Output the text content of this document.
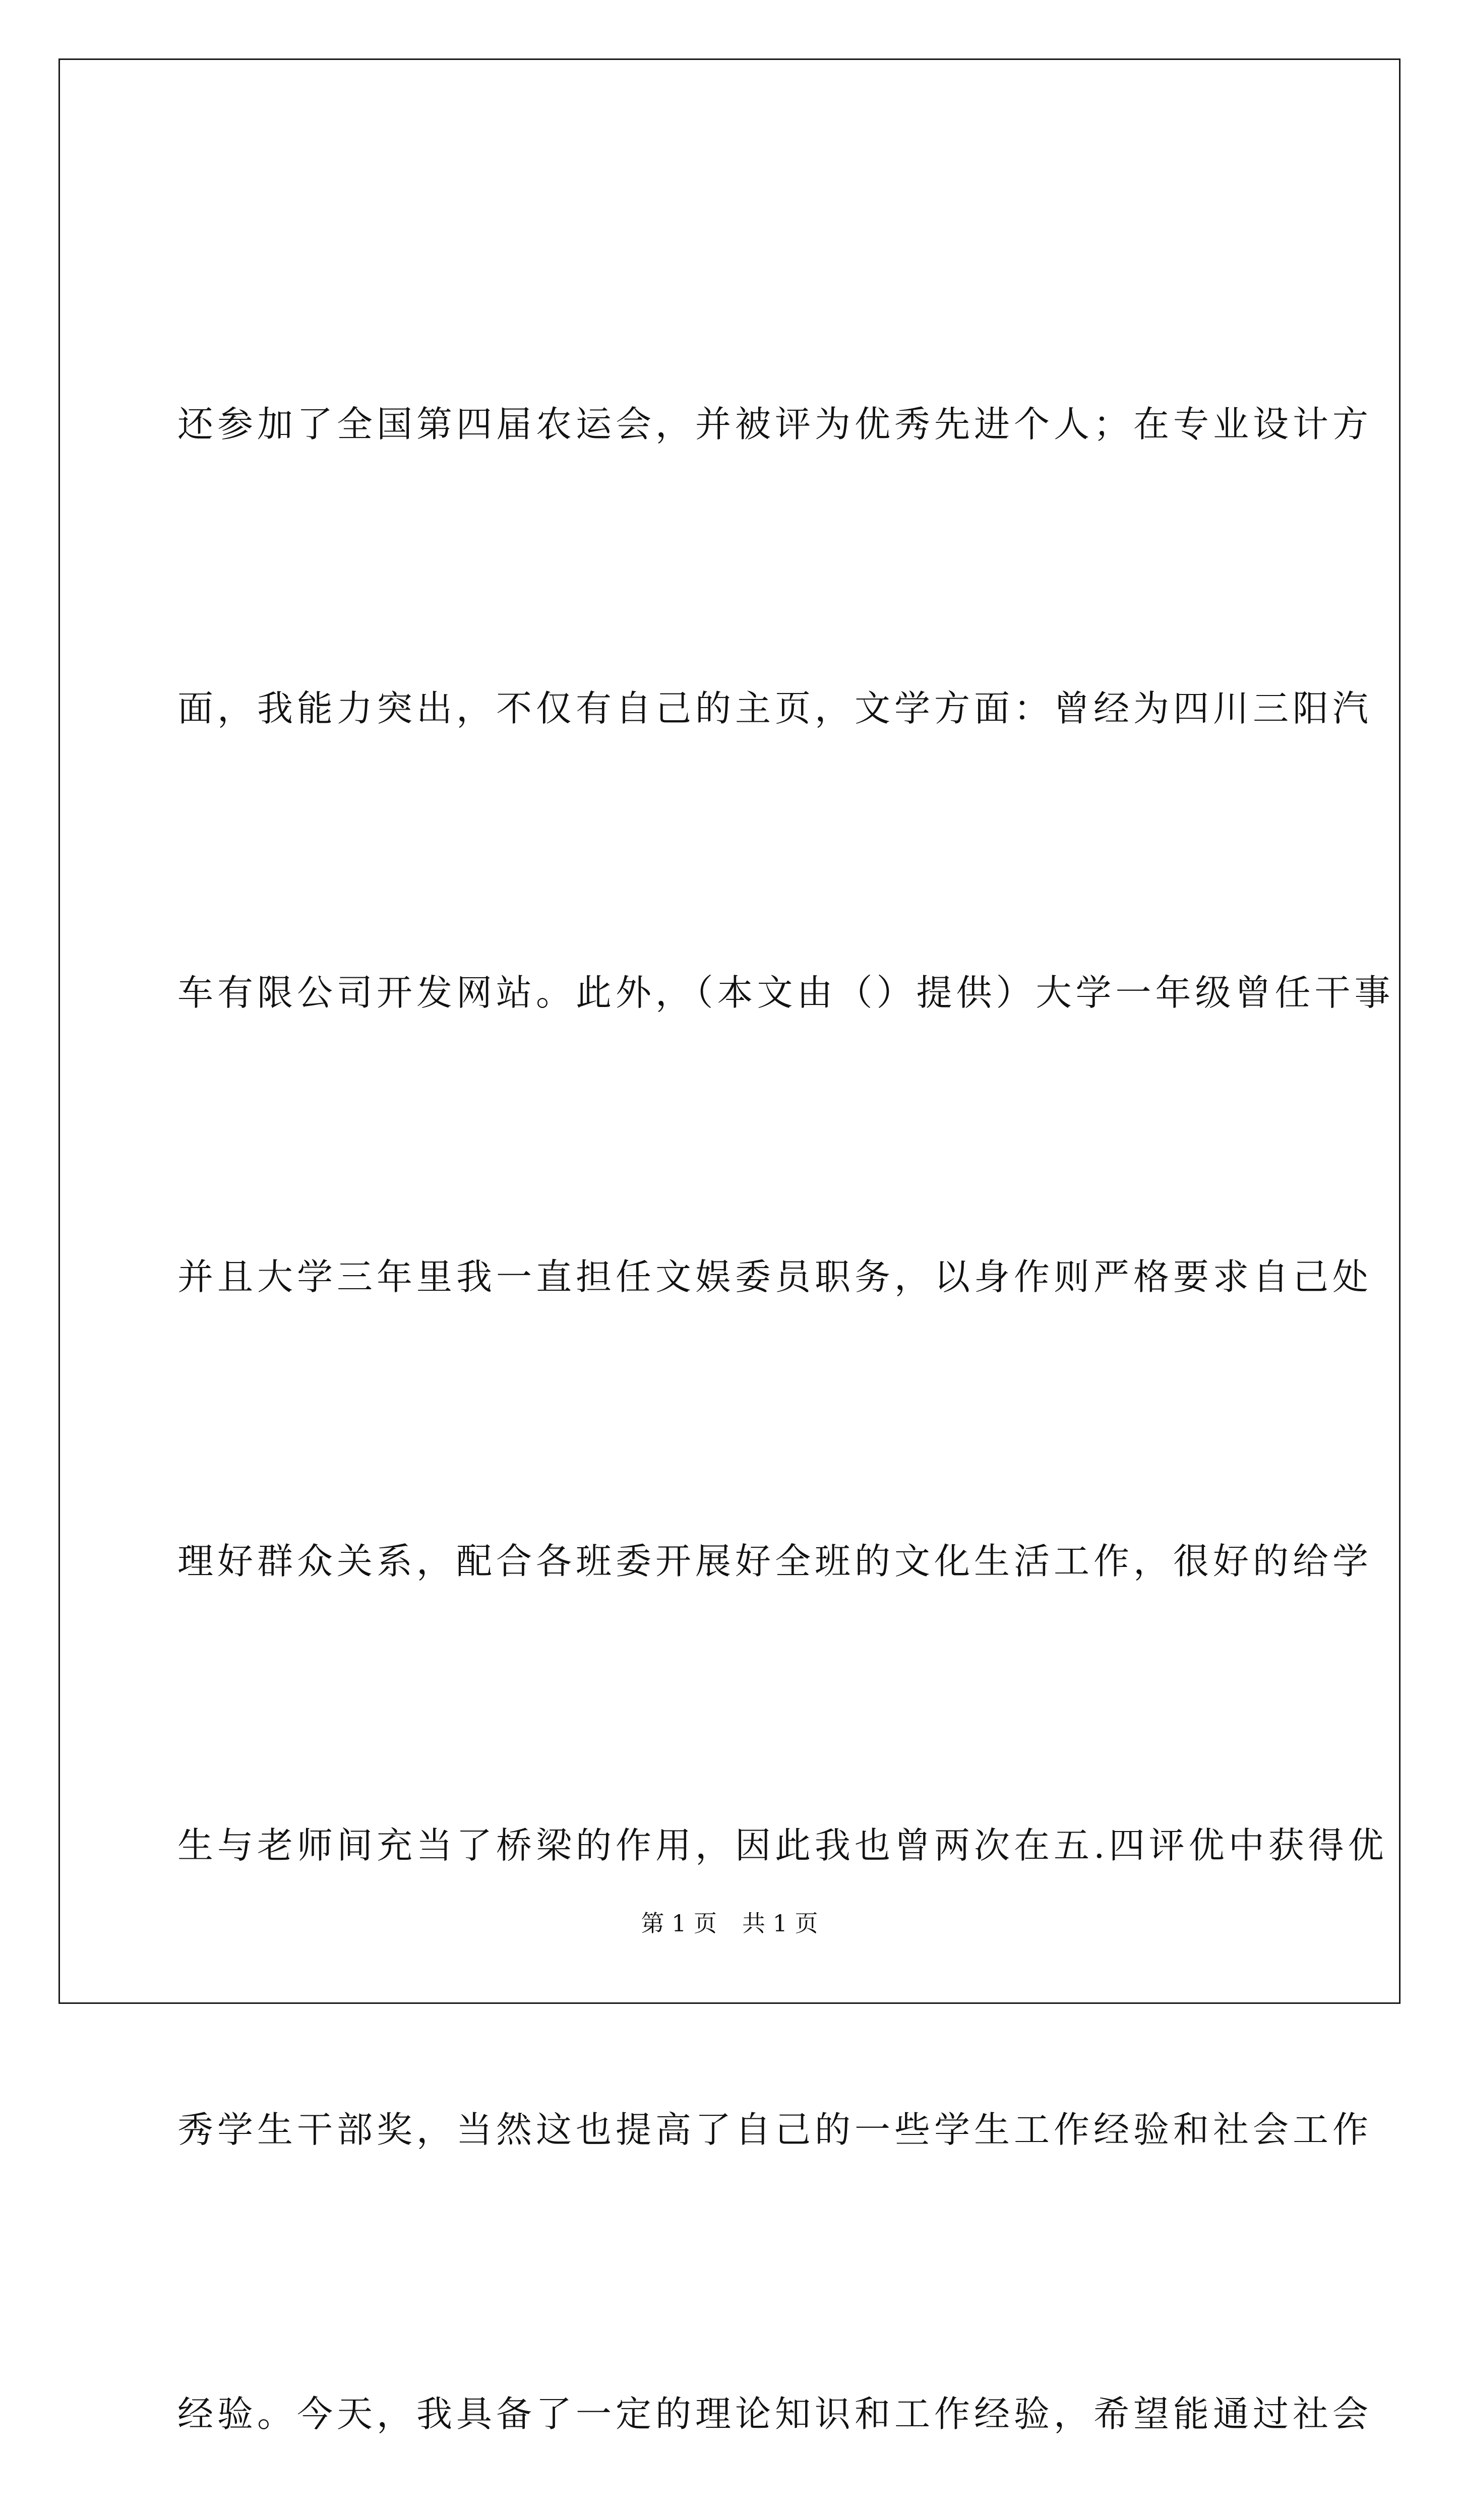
还参加了全国第四届农运会，并被评为优秀先进个人；在专业设计方

面，我能力突出，不仅有自己的主页，文学方面：曾经为四川三阳汽

车有限公司开发网站。此外，（本文由（）提供）大学一年级曾任干事

并且大学三年里我一直担任文娱委员职务，以身作则严格要求自己处

理好群众关系，配合各班委开展好全班的文化生活工作，很好的给学

生与老师间充当了桥梁的作用，因此我也曾两次在五.四评优中获得优

秀学生干部奖，当然这也提高了自己的一些学生工作经验和社会工作

经验。今天，我具备了一定的理论知识和工作经验，希望能通过社会

第 1 页 共 1 页
